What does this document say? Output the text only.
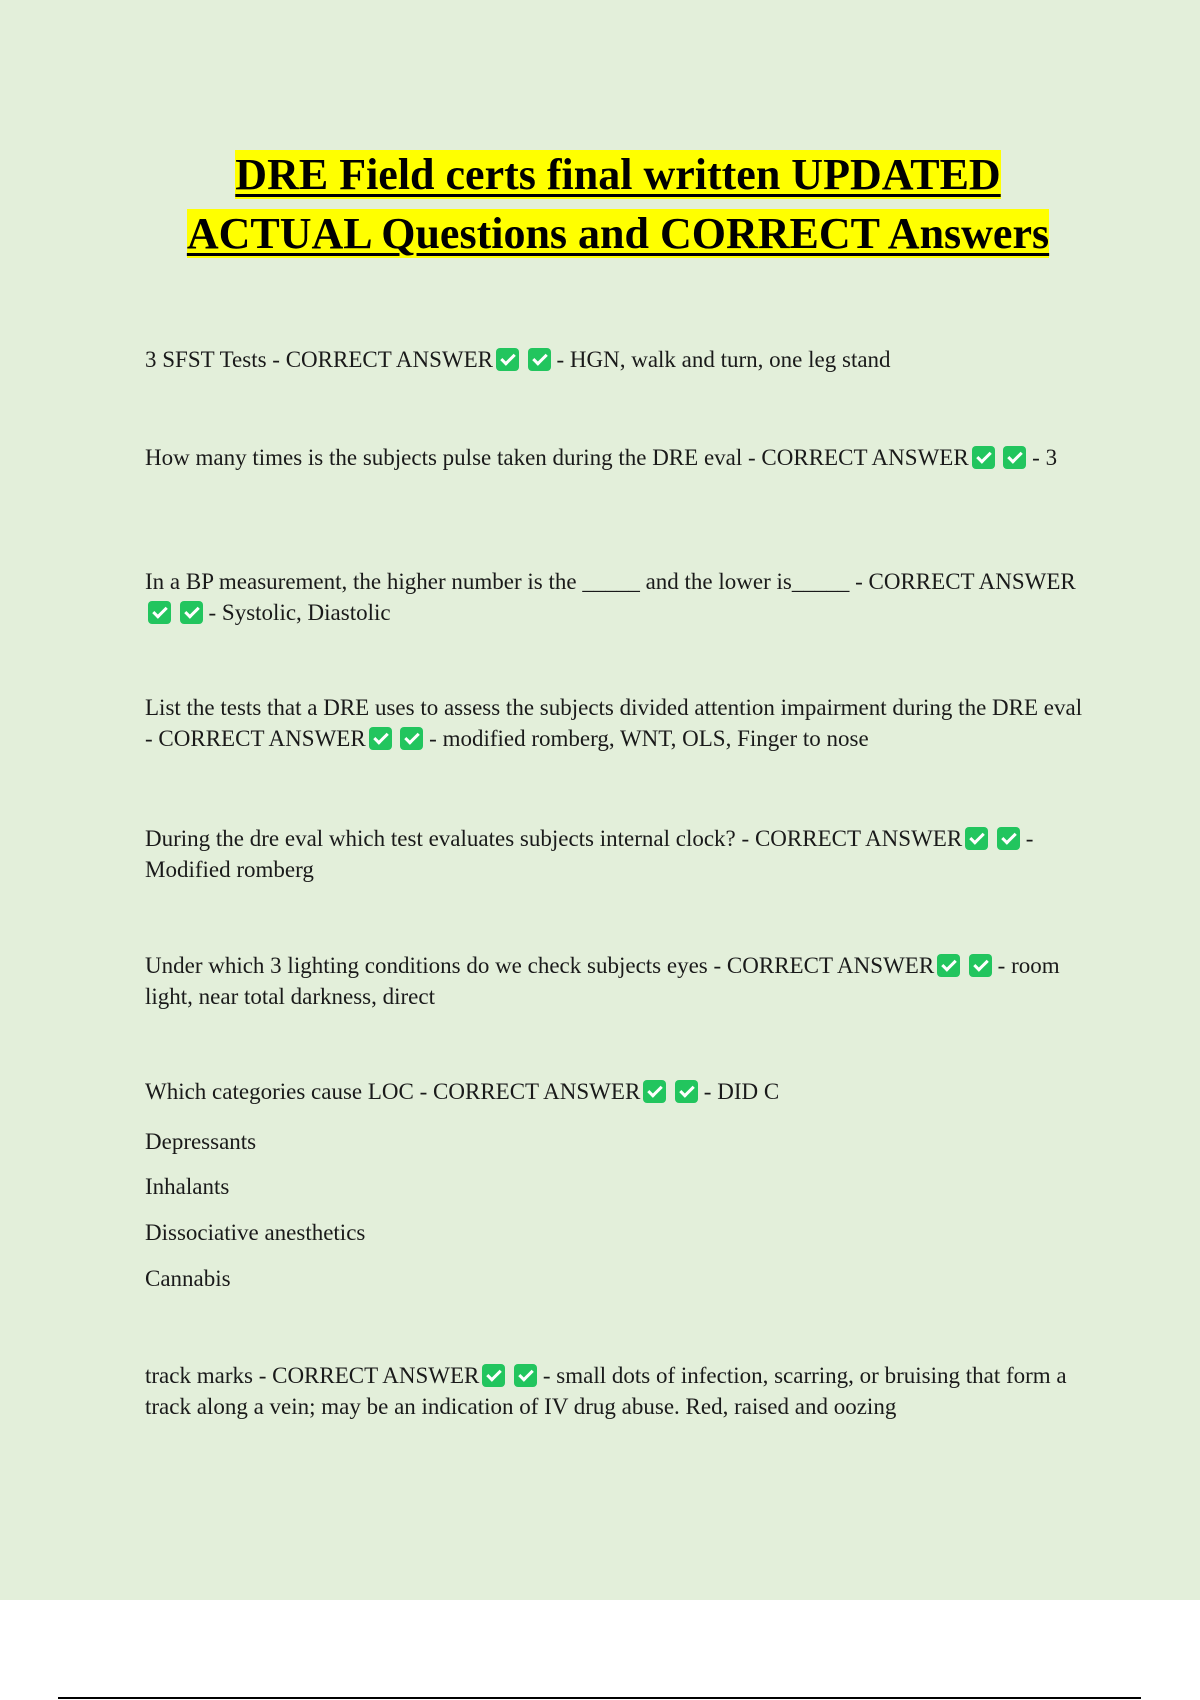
DRE Field certs final written UPDATED ACTUAL Questions and CORRECT Answers

3 SFST Tests - CORRECT ANSWER	- HGN, walk and turn, one leg stand

How many times is the subjects pulse taken during the DRE eval - CORRECT ANSWER	- 3

In a BP measurement, the higher number is the _____ and the lower is_____ - CORRECT ANSWER  - Systolic, Diastolic

List the tests that a DRE uses to assess the subjects divided attention impairment during the DRE eval - CORRECT ANSWER	- modified romberg, WNT, OLS, Finger to nose

During the dre eval which test evaluates subjects internal clock? - CORRECT ANSWER	- Modified romberg

Under which 3 lighting conditions do we check subjects eyes - CORRECT ANSWER	- room light, near total darkness, direct

Which categories cause LOC - CORRECT ANSWER	- DID C

Depressants

Inhalants

Dissociative anesthetics

Cannabis

track marks - CORRECT ANSWER	- small dots of infection, scarring, or bruising that form a track along a vein; may be an indication of IV drug abuse. Red, raised and oozing
